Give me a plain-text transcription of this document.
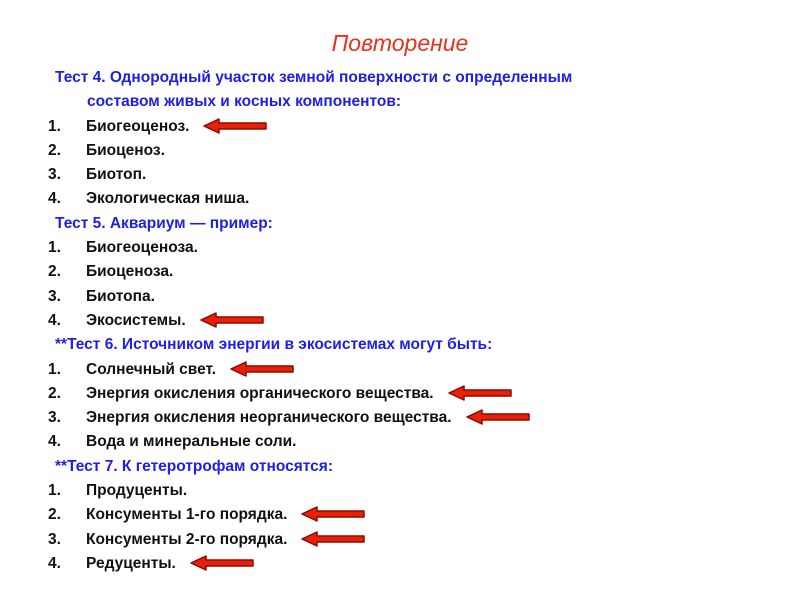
Повторение
Тест 4. Однородный участок земной поверхности с определенным
составом живых и косных компонентов:
1. Биогеоценоз.
2. Биоценоз.
3. Биотоп.
4. Экологическая ниша.
Тест 5. Аквариум — пример:
1. Биогеоценоза.
2. Биоценоза.
3. Биотопа.
4. Экосистемы.
**Тест 6. Источником энергии в экосистемах могут быть:
1. Солнечный свет.
2. Энергия окисления органического вещества.
3. Энергия окисления неорганического вещества.
4. Вода и минеральные соли.
**Тест 7. К гетеротрофам относятся:
1. Продуценты.
2. Консументы 1-го порядка.
3. Консументы 2-го порядка.
4. Редуценты.
